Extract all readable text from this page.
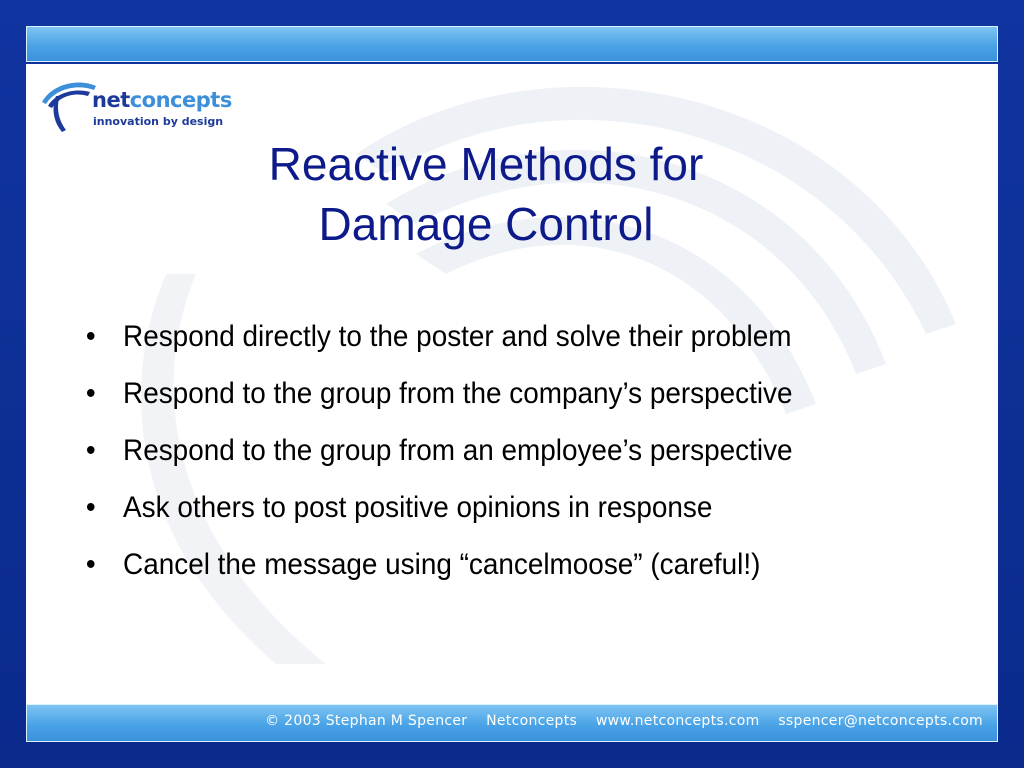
netconcepts
innovation by design
Reactive Methods for
Damage Control
• Respond directly to the poster and solve their problem
• Respond to the group from the company’s perspective
• Respond to the group from an employee’s perspective
• Ask others to post positive opinions in response
• Cancel the message using “cancelmoose” (careful!)
© 2003 Stephan M Spencer Netconcepts www.netconcepts.com sspencer@netconcepts.com
